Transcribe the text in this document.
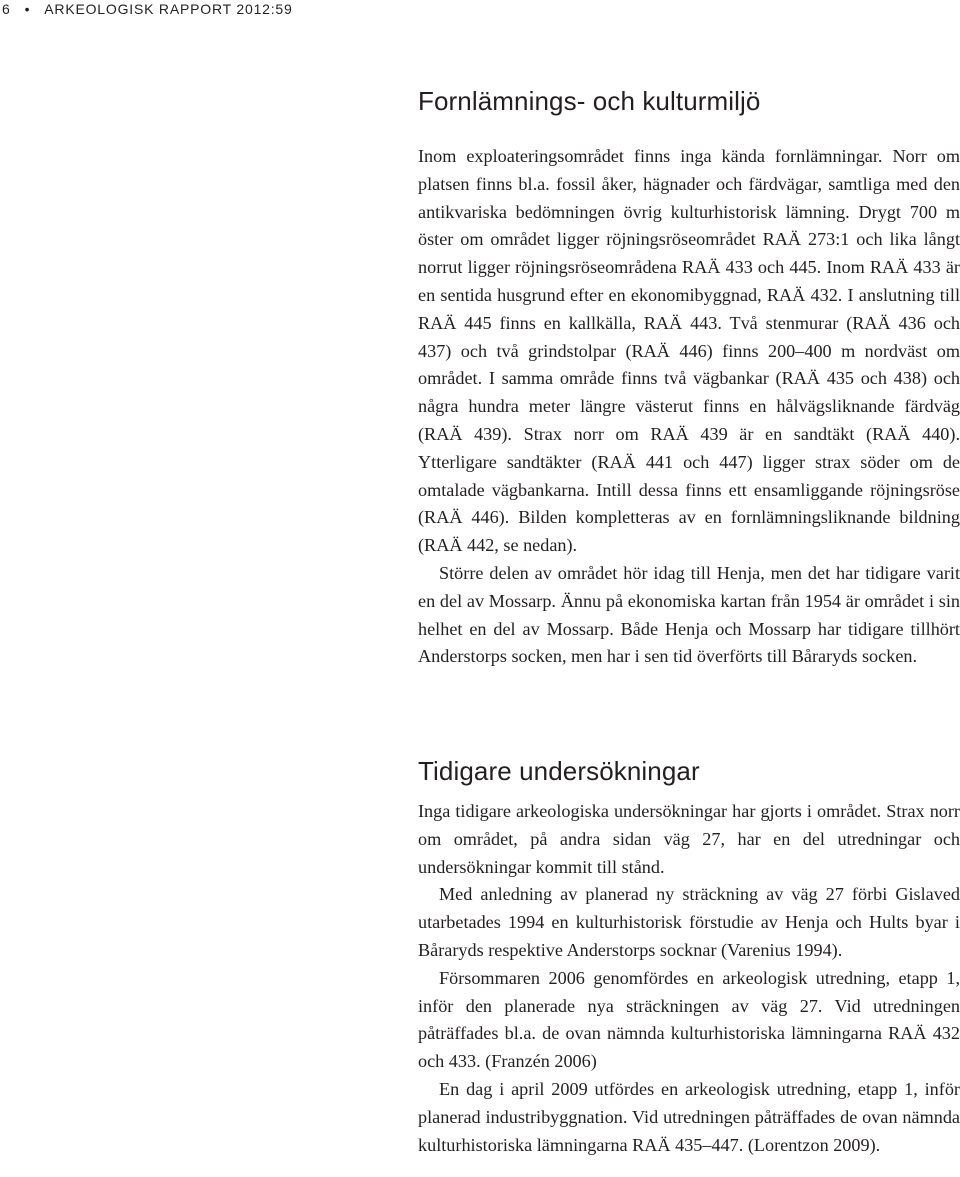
6 • ARKEOLOGISK RAPPORT 2012:59
Fornlämnings- och kulturmiljö

Inom exploateringsområdet finns inga kända fornlämningar. Norr om platsen finns bl.a. fossil åker, hägnader och färdvägar, samtliga med den antikvariska bedömningen övrig kulturhistorisk lämning. Drygt 700 m öster om området ligger röjningsröseområdet RAÄ 273:1 och lika långt norrut ligger röjningsröseområdena RAÄ 433 och 445. Inom RAÄ 433 är en sentida husgrund efter en ekonomibyggnad, RAÄ 432. I anslutning till RAÄ 445 finns en kallkälla, RAÄ 443. Två stenmurar (RAÄ 436 och 437) och två grindstolpar (RAÄ 446) finns 200–400 m nordväst om området. I samma område finns två vägbankar (RAÄ 435 och 438) och några hundra meter längre västerut finns en hålvägsliknande färdväg (RAÄ 439). Strax norr om RAÄ 439 är en sandtäkt (RAÄ 440). Ytterligare sandtäkter (RAÄ 441 och 447) ligger strax söder om de omtalade vägbankarna. Intill dessa finns ett ensamliggande röjningsröse (RAÄ 446). Bilden kompletteras av en fornlämningsliknande bildning (RAÄ 442, se nedan).

Större delen av området hör idag till Henja, men det har tidigare varit en del av Mossarp. Ännu på ekonomiska kartan från 1954 är området i sin helhet en del av Mossarp. Både Henja och Mossarp har tidigare tillhört Anderstorps socken, men har i sen tid överförts till Båraryds socken.

Tidigare undersökningar

Inga tidigare arkeologiska undersökningar har gjorts i området. Strax norr om området, på andra sidan väg 27, har en del utredningar och undersökningar kommit till stånd.

Med anledning av planerad ny sträckning av väg 27 förbi Gislaved utarbetades 1994 en kulturhistorisk förstudie av Henja och Hults byar i Båraryds respektive Anderstorps socknar (Varenius 1994).

Försommaren 2006 genomfördes en arkeologisk utredning, etapp 1, inför den planerade nya sträckningen av väg 27. Vid utredningen påträffades bl.a. de ovan nämnda kulturhistoriska lämningarna RAÄ 432 och 433. (Franzén 2006)

En dag i april 2009 utfördes en arkeologisk utredning, etapp 1, inför planerad industribyggnation. Vid utredningen påträffades de ovan nämnda kulturhistoriska lämningarna RAÄ 435–447. (Lorentzon 2009).
